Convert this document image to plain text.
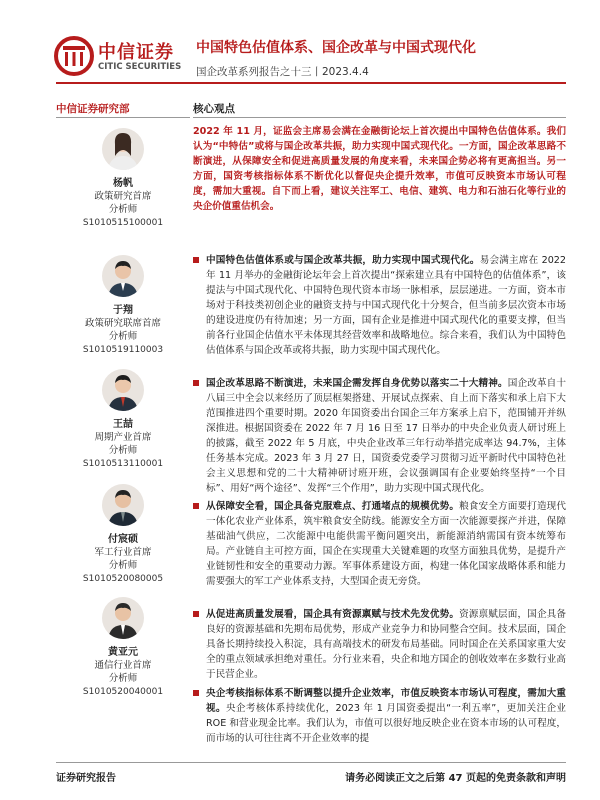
中信证券
CITIC SECURITIES
中国特色估值体系、国企改革与中国式现代化
国企改革系列报告之十三丨2023.4.4
中信证券研究部	核心观点
杨帆
政策研究首席
分析师
S1010515100001
于翔
政策研究联席首席
分析师
S1010519110003
王喆
周期产业首席
分析师
S1010513110001
付宸硕
军工行业首席
分析师
S1010520080005
黄亚元
通信行业首席
分析师
S1010520040001
2022 年 11 月，证监会主席易会满在金融街论坛上首次提出中国特色估值体系。我们认为“中特估”或将与国企改革共振，助力实现中国式现代化。一方面，国企改革思路不断演进，从保障安全和促进高质量发展的角度来看，未来国企势必将有更高担当。另一方面，国资考核指标体系不断优化以督促央企提升效率，市值可反映资本市场认可程度，需加大重视。自下而上看，建议关注军工、电信、建筑、电力和石油石化等行业的央企价值重估机会。
中国特色估值体系或与国企改革共振，助力实现中国式现代化。易会满主席在 2022 年 11 月举办的金融街论坛年会上首次提出“探索建立具有中国特色的估值体系”，该提法与中国式现代化、中国特色现代资本市场一脉相承，层层递进。一方面，资本市场对于科技类初创企业的融资支持与中国式现代化十分契合，但当前多层次资本市场的建设进度仍有待加速；另一方面，国有企业是推进中国式现代化的重要支撑，但当前各行业国企估值水平未体现其经营效率和战略地位。综合来看，我们认为中国特色估值体系与国企改革或将共振，助力实现中国式现代化。
国企改革思路不断演进，未来国企需发挥自身优势以落实二十大精神。国企改革自十八届三中全会以来经历了顶层框架搭建、开展试点探索、自上而下落实和承上启下大范围推进四个重要时期。2020 年国资委出台国企三年方案承上启下，范围铺开并纵深推进。根据国资委在 2022 年 7 月 16 日至 17 日举办的中央企业负责人研讨班上的披露，截至 2022 年 5 月底，中央企业改革三年行动举措完成率达 94.7%，主体任务基本完成。2023 年 3 月 27 日，国资委党委学习贯彻习近平新时代中国特色社会主义思想和党的二十大精神研讨班开班，会议强调国有企业要始终坚持“一个目标”、用好“两个途径”、发挥“三个作用”，助力实现中国式现代化。
从保障安全看，国企具备克服难点、打通堵点的规模优势。粮食安全方面要打造现代一体化农业产业体系，筑牢粮食安全防线。能源安全方面一次能源要探产并进，保障基础油气供应，二次能源中电能供需平衡问题突出，新能源消纳需国有资本统筹布局。产业链自主可控方面，国企在实现重大关键难题的攻坚方面独具优势，是提升产业链韧性和安全的重要动力源。军事体系建设方面，构建一体化国家战略体系和能力需要强大的军工产业体系支持，大型国企责无旁贷。
从促进高质量发展看，国企具有资源禀赋与技术先发优势。资源禀赋层面，国企具备良好的资源基础和先期布局优势，形成产业竞争力和协同整合空间。技术层面，国企具备长期持续投入积淀，具有高端技术的研发布局基础。同时国企在关系国家重大安全的重点领域承担绝对重任。分行业来看，央企和地方国企的创收效率在多数行业高于民营企业。
央企考核指标体系不断调整以提升企业效率，市值反映资本市场认可程度，需加大重视。央企考核体系持续优化，2023 年 1 月国资委提出“一利五率”，更加关注企业 ROE 和营业现金比率。我们认为，市值可以很好地反映企业在资本市场的认可程度，而市场的认可往往离不开企业效率的提
证券研究报告	请务必阅读正文之后第 47 页起的免责条款和声明
